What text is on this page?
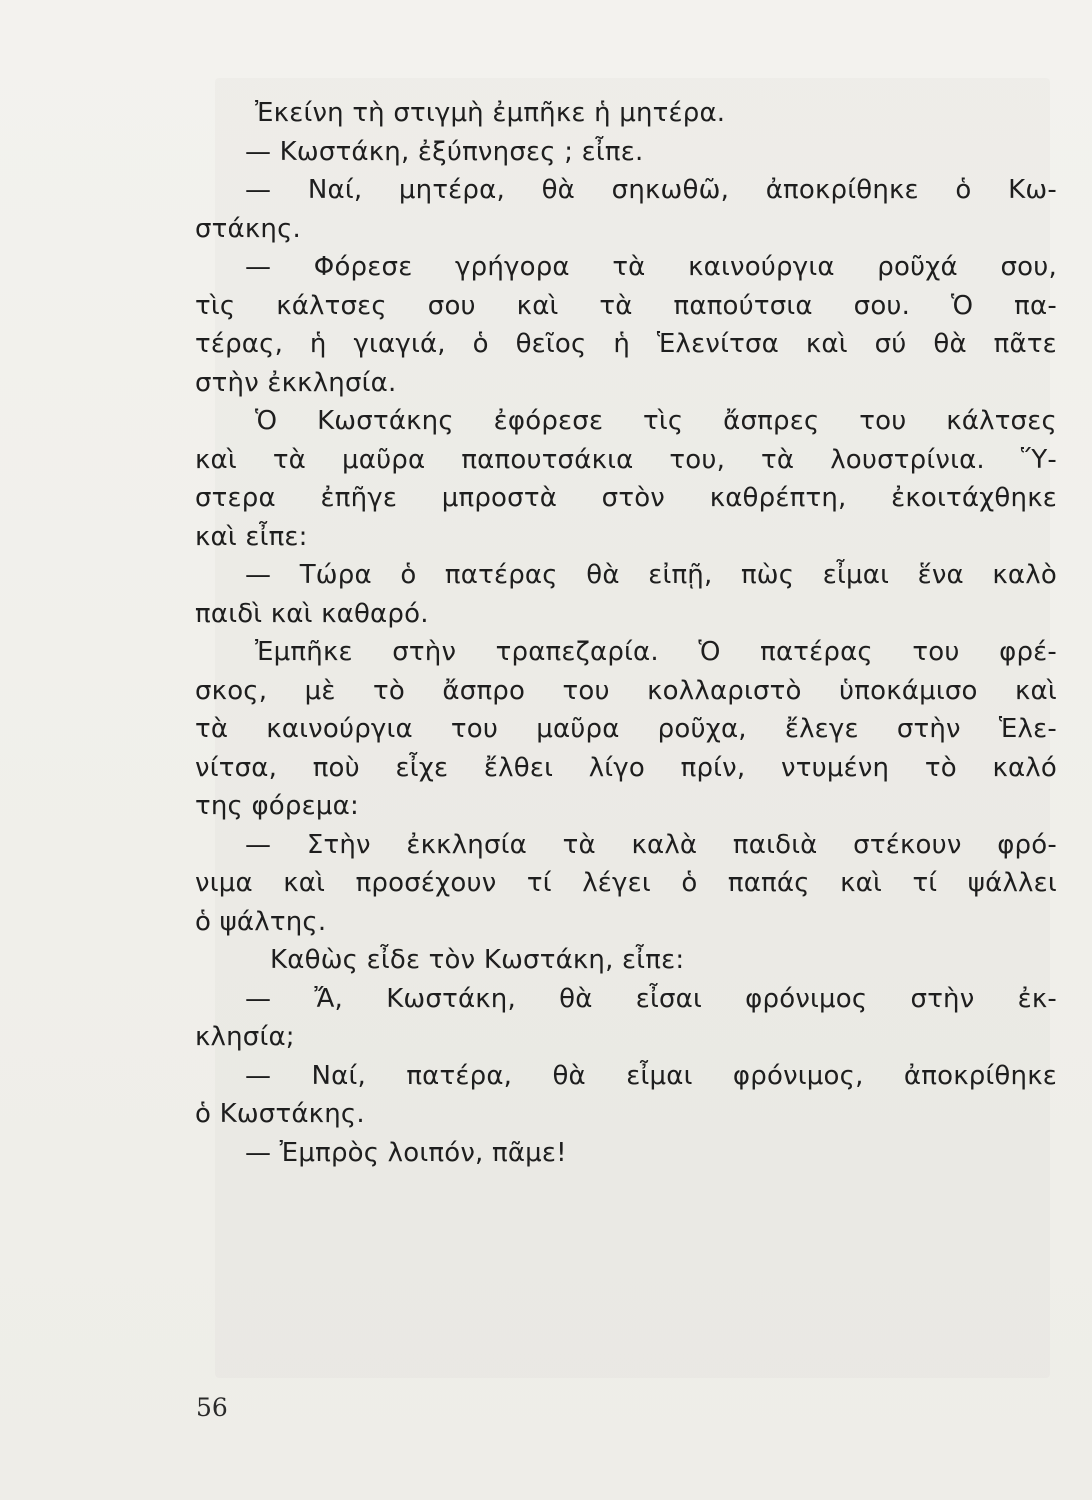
Ἐκείνη τὴ στιγμὴ ἐμπῆκε ἡ μητέρα.
— Κωστάκη, ἐξύπνησες ; εἶπε.
— Ναί, μητέρα, θὰ σηκωθῶ, ἀποκρίθηκε ὁ Κω-
στάκης.
— Φόρεσε γρήγορα τὰ καινούργια ροῦχά σου,
τὶς κάλτσες σου καὶ τὰ παπούτσια σου. Ὁ πα-
τέρας, ἡ γιαγιά, ὁ θεῖος ἡ Ἑλενίτσα καὶ σύ θὰ πᾶτε
στὴν ἐκκλησία.
Ὁ Κωστάκης ἐφόρεσε τὶς ἄσπρες του κάλτσες
καὶ τὰ μαῦρα παπουτσάκια του, τὰ λουστρίνια. Ὕ-
στερα ἐπῆγε μπροστὰ στὸν καθρέπτη, ἐκοιτάχθηκε
καὶ εἶπε:
— Τώρα ὁ πατέρας θὰ εἰπῇ, πὼς εἶμαι ἕνα καλὸ
παιδὶ καὶ καθαρό.
Ἐμπῆκε στὴν τραπεζαρία. Ὁ πατέρας του φρέ-
σκος, μὲ τὸ ἄσπρο του κολλαριστὸ ὑποκάμισο καὶ
τὰ καινούργια του μαῦρα ροῦχα, ἔλεγε στὴν Ἑλε-
νίτσα, ποὺ εἶχε ἔλθει λίγο πρίν, ντυμένη τὸ καλό
της φόρεμα:
— Στὴν ἐκκλησία τὰ καλὰ παιδιὰ στέκουν φρό-
νιμα καὶ προσέχουν τί λέγει ὁ παπάς καὶ τί ψάλλει
ὁ ψάλτης.
Καθὼς εἶδε τὸν Κωστάκη, εἶπε:
— Ἄ, Κωστάκη, θὰ εἶσαι φρόνιμος στὴν ἐκ-
κλησία;
— Ναί, πατέρα, θὰ εἶμαι φρόνιμος, ἀποκρίθηκε
ὁ Κωστάκης.
— Ἐμπρὸς λοιπόν, πᾶμε!
56
